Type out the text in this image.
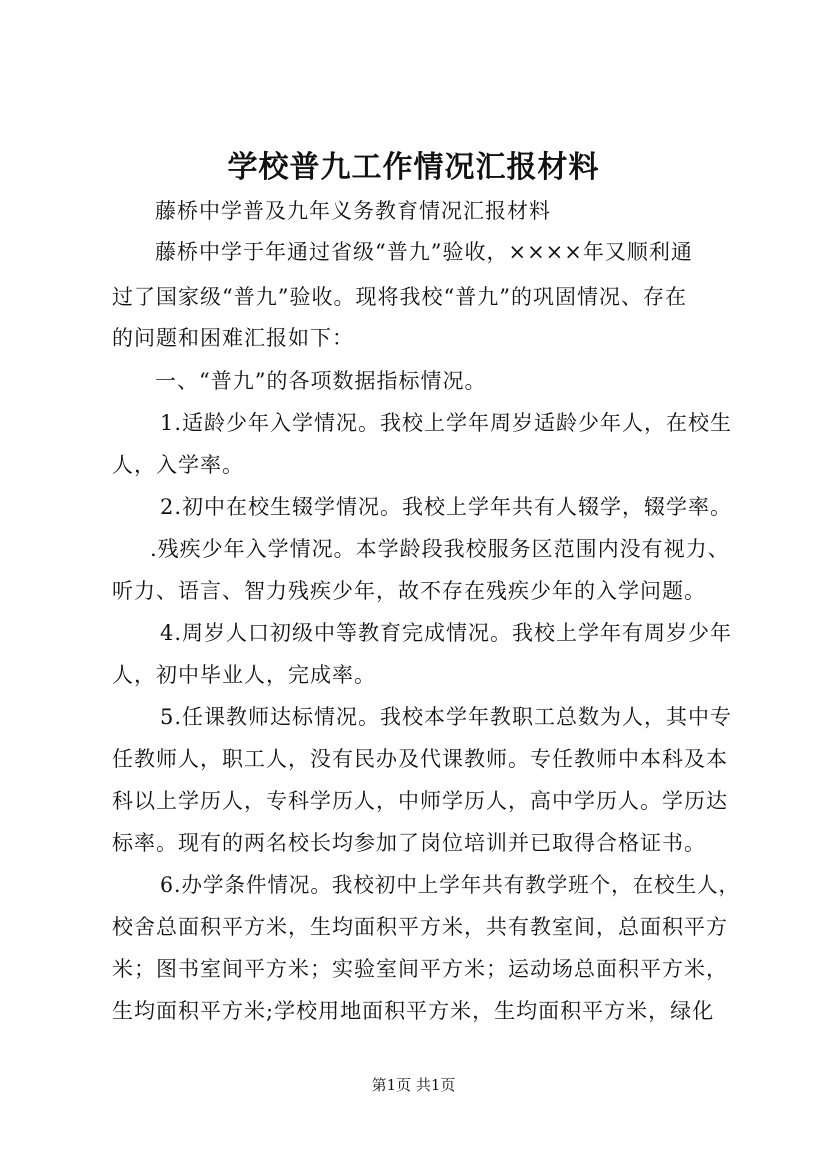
学校普九工作情况汇报材料
藤桥中学普及九年义务教育情况汇报材料
藤桥中学于年通过省级“普九”验收，××××年又顺利通
过了国家级“普九”验收。现将我校“普九”的巩固情况、存在
的问题和困难汇报如下：
一、“普九”的各项数据指标情况。
1.适龄少年入学情况。我校上学年周岁适龄少年人，在校生
人，入学率。
2.初中在校生辍学情况。我校上学年共有人辍学，辍学率。
.残疾少年入学情况。本学龄段我校服务区范围内没有视力、
听力、语言、智力残疾少年，故不存在残疾少年的入学问题。
4.周岁人口初级中等教育完成情况。我校上学年有周岁少年
人，初中毕业人，完成率。
5.任课教师达标情况。我校本学年教职工总数为人，其中专
任教师人，职工人，没有民办及代课教师。专任教师中本科及本
科以上学历人，专科学历人，中师学历人，高中学历人。学历达
标率。现有的两名校长均参加了岗位培训并已取得合格证书。
6.办学条件情况。我校初中上学年共有教学班个，在校生人，
校舍总面积平方米，生均面积平方米，共有教室间，总面积平方
米；图书室间平方米；实验室间平方米；运动场总面积平方米，
生均面积平方米;学校用地面积平方米，生均面积平方米，绿化
第1页 共1页
